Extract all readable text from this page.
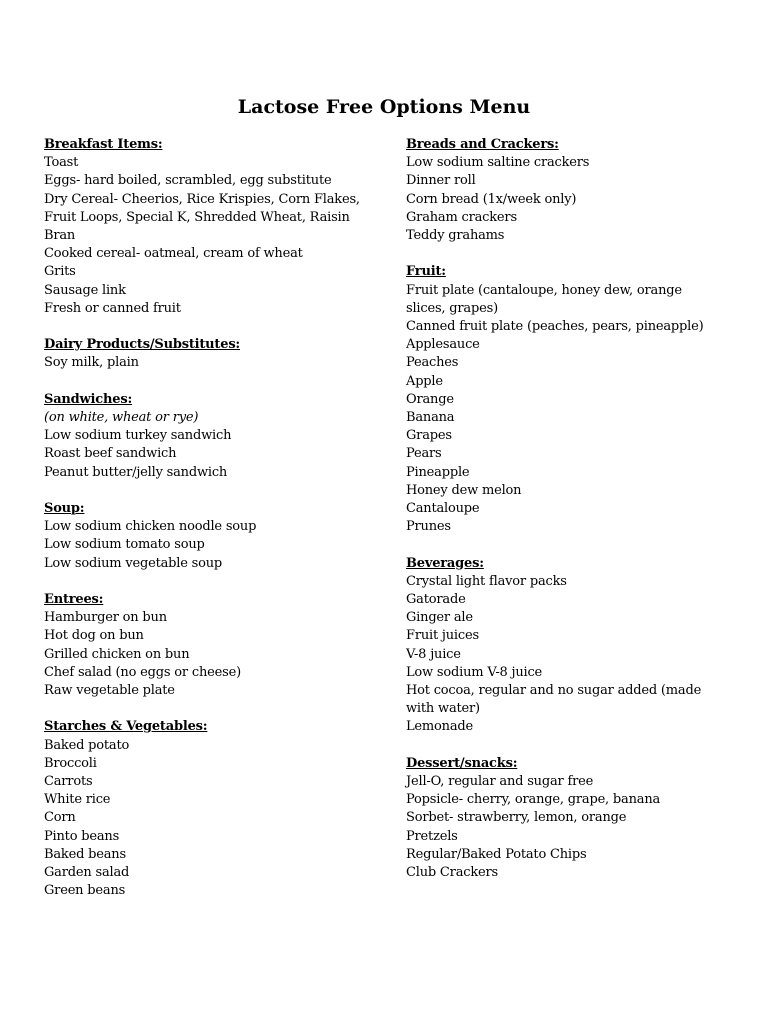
Lactose Free Options Menu
Breakfast Items:
Toast
Eggs- hard boiled, scrambled, egg substitute
Dry Cereal- Cheerios, Rice Krispies, Corn Flakes,
Fruit Loops, Special K, Shredded Wheat, Raisin
Bran
Cooked cereal- oatmeal, cream of wheat
Grits
Sausage link
Fresh or canned fruit
Dairy Products/Substitutes:
Soy milk, plain
Sandwiches:
(on white, wheat or rye)
Low sodium turkey sandwich
Roast beef sandwich
Peanut butter/jelly sandwich
Soup:
Low sodium chicken noodle soup
Low sodium tomato soup
Low sodium vegetable soup
Entrees:
Hamburger on bun
Hot dog on bun
Grilled chicken on bun
Chef salad (no eggs or cheese)
Raw vegetable plate
Starches & Vegetables:
Baked potato
Broccoli
Carrots
White rice
Corn
Pinto beans
Baked beans
Garden salad
Green beans
Breads and Crackers:
Low sodium saltine crackers
Dinner roll
Corn bread (1x/week only)
Graham crackers
Teddy grahams
Fruit:
Fruit plate (cantaloupe, honey dew, orange
slices, grapes)
Canned fruit plate (peaches, pears, pineapple)
Applesauce
Peaches
Apple
Orange
Banana
Grapes
Pears
Pineapple
Honey dew melon
Cantaloupe
Prunes
Beverages:
Crystal light flavor packs
Gatorade
Ginger ale
Fruit juices
V-8 juice
Low sodium V-8 juice
Hot cocoa, regular and no sugar added (made
with water)
Lemonade
Dessert/snacks:
Jell-O, regular and sugar free
Popsicle- cherry, orange, grape, banana
Sorbet- strawberry, lemon, orange
Pretzels
Regular/Baked Potato Chips
Club Crackers
